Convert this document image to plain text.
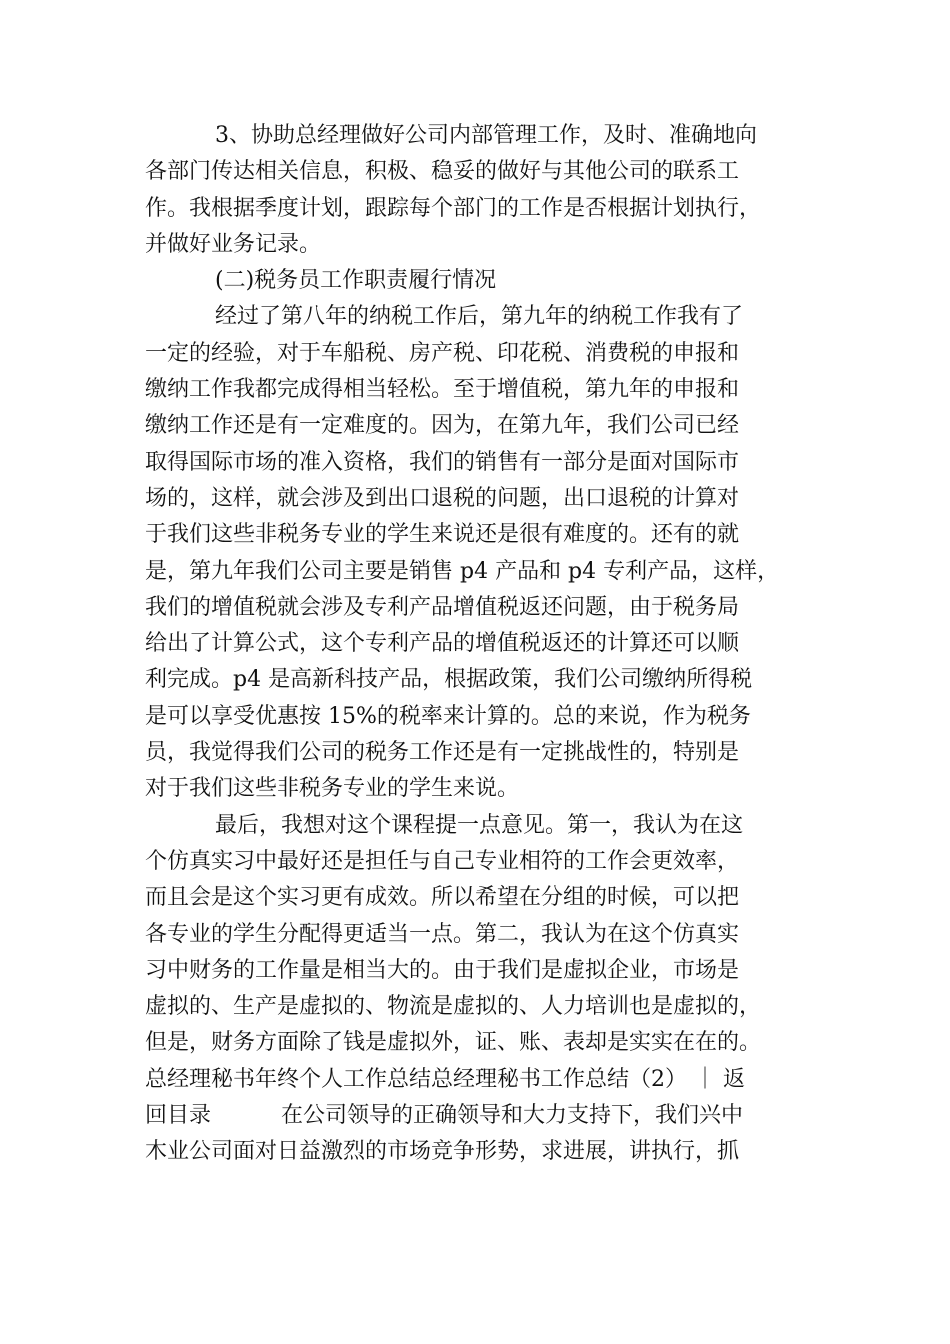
3、协助总经理做好公司内部管理工作，及时、准确地向
各部门传达相关信息，积极、稳妥的做好与其他公司的联系工
作。我根据季度计划，跟踪每个部门的工作是否根据计划执行，
并做好业务记录。
(二)税务员工作职责履行情况
经过了第八年的纳税工作后，第九年的纳税工作我有了
一定的经验，对于车船税、房产税、印花税、消费税的申报和
缴纳工作我都完成得相当轻松。至于增值税，第九年的申报和
缴纳工作还是有一定难度的。因为，在第九年，我们公司已经
取得国际市场的准入资格，我们的销售有一部分是面对国际市
场的，这样，就会涉及到出口退税的问题，出口退税的计算对
于我们这些非税务专业的学生来说还是很有难度的。还有的就
是，第九年我们公司主要是销售 p4 产品和 p4 专利产品，这样，
我们的增值税就会涉及专利产品增值税返还问题，由于税务局
给出了计算公式，这个专利产品的增值税返还的计算还可以顺
利完成。p4 是高新科技产品，根据政策，我们公司缴纳所得税
是可以享受优惠按 15%的税率来计算的。总的来说，作为税务
员，我觉得我们公司的税务工作还是有一定挑战性的，特别是
对于我们这些非税务专业的学生来说。
最后，我想对这个课程提一点意见。第一，我认为在这
个仿真实习中最好还是担任与自己专业相符的工作会更效率，
而且会是这个实习更有成效。所以希望在分组的时候，可以把
各专业的学生分配得更适当一点。第二，我认为在这个仿真实
习中财务的工作量是相当大的。由于我们是虚拟企业，市场是
虚拟的、生产是虚拟的、物流是虚拟的、人力培训也是虚拟的，
但是，财务方面除了钱是虚拟外，证、账、表却是实实在在的。
总经理秘书年终个人工作总结总经理秘书工作总结（2） ｜ 返
回目录	在公司领导的正确领导和大力支持下，我们兴中
木业公司面对日益激烈的市场竞争形势，求进展，讲执行，抓
